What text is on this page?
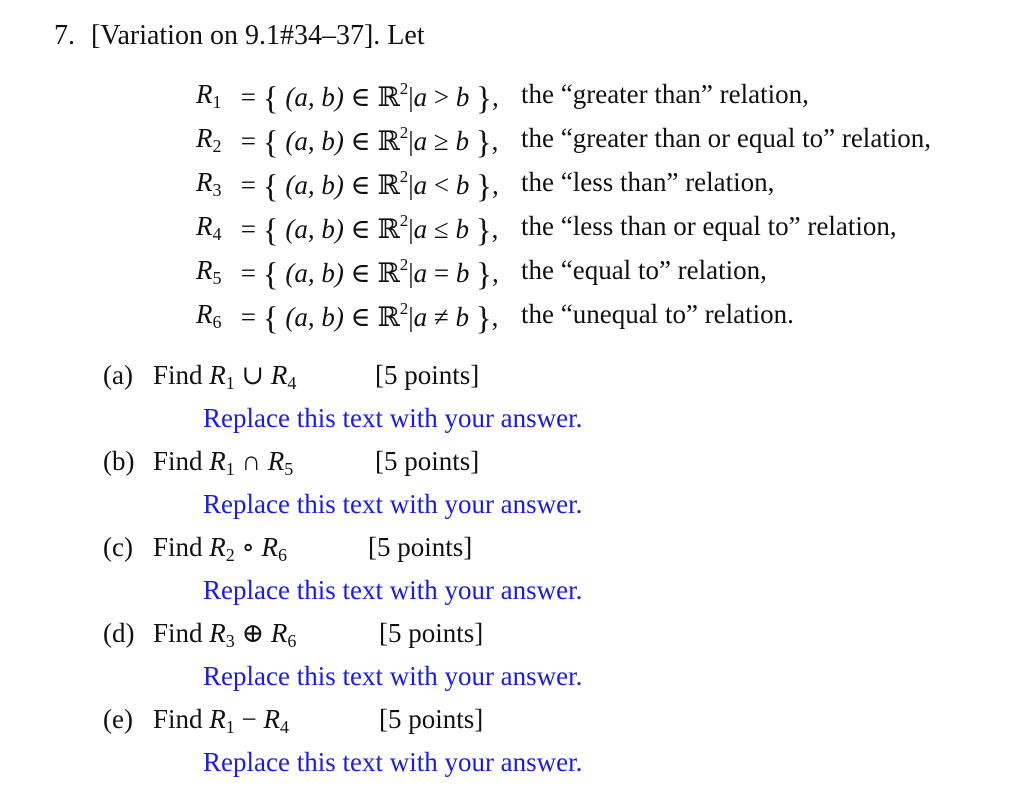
7. [Variation on 9.1#34–37]. Let
$R_1$ = { (a, b) ∈ ℝ$^2$|a > b }, the “greater than” relation,
$R_2$ = { (a, b) ∈ ℝ$^2$|a ≥ b }, the “greater than or equal to” relation,
$R_3$ = { (a, b) ∈ ℝ$^2$|a < b }, the “less than” relation,
$R_4$ = { (a, b) ∈ ℝ$^2$|a ≤ b }, the “less than or equal to” relation,
$R_5$ = { (a, b) ∈ ℝ$^2$|a = b }, the “equal to” relation,
$R_6$ = { (a, b) ∈ ℝ$^2$|a ≠ b }, the “unequal to” relation.
(a) Find $R_1$ ∪ $R_4$	[5 points]
Replace this text with your answer.
(b) Find $R_1$ ∩ $R_5$	[5 points]
Replace this text with your answer.
(c) Find $R_2$ ∘ $R_6$	[5 points]
Replace this text with your answer.
(d) Find $R_3$ ⊕ $R_6$	[5 points]
Replace this text with your answer.
(e) Find $R_1 - R_4$	[5 points]
Replace this text with your answer.
